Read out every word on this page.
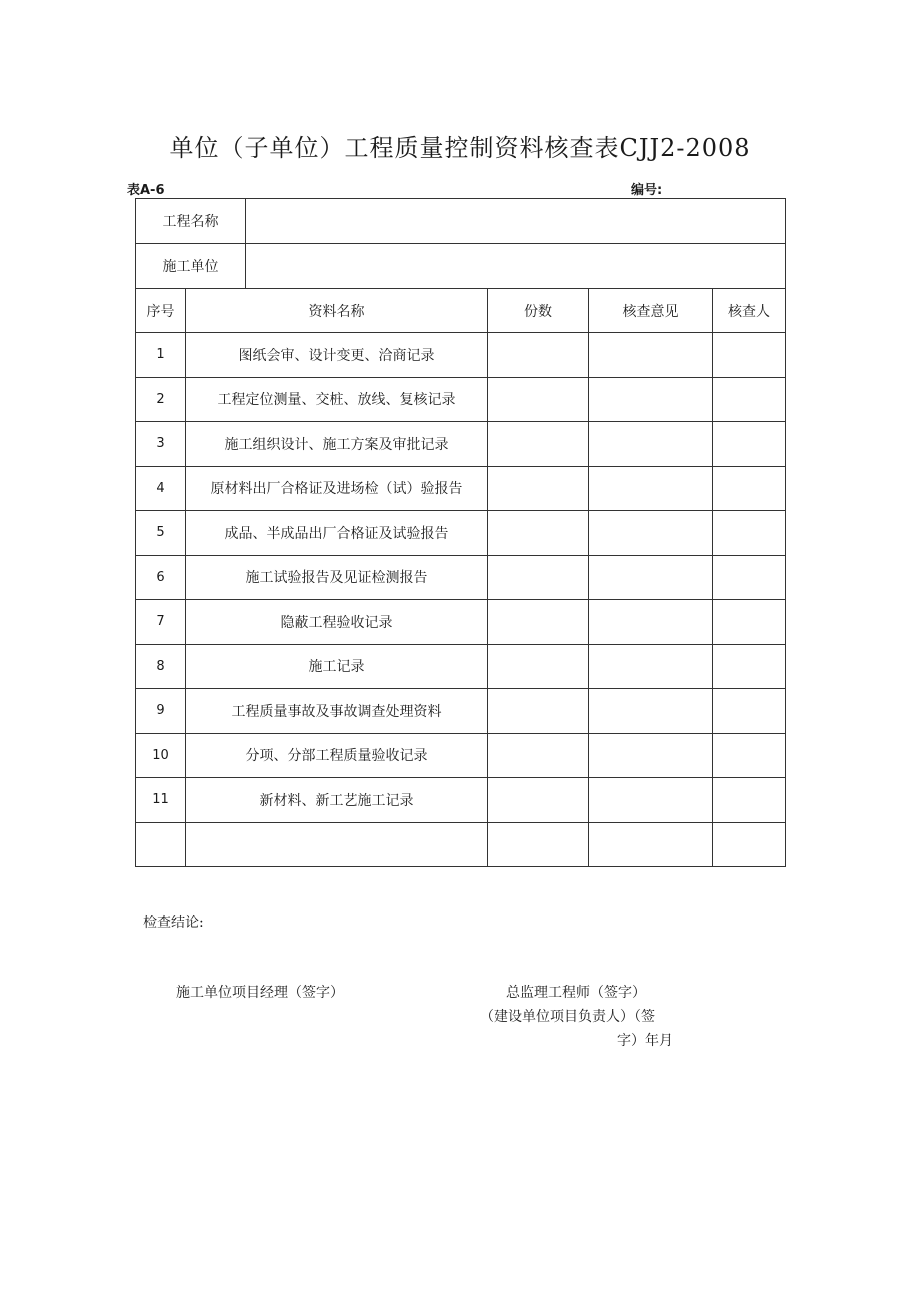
单位（子单位）工程质量控制资料核查表CJJ2-2008
表A-6	编号:
工程名称					
施工单位					
序号	资料名称		份数	核查意见	核查人
1	图纸会审、设计变更、洽商记录				
2	工程定位测量、交桩、放线、复核记录				
3	施工组织设计、施工方案及审批记录				
4	原材料出厂合格证及进场检（试）验报告				
5	成品、半成品出厂合格证及试验报告				
6	施工试验报告及见证检测报告				
7	隐蔽工程验收记录				
8	施工记录				
9	工程质量事故及事故调查处理资料				
10	分项、分部工程质量验收记录				
11	新材料、新工艺施工记录				

检查结论:
施工单位项目经理（签字）	总监理工程师（签字）
（建设单位项目负责人）（签
字）年月
